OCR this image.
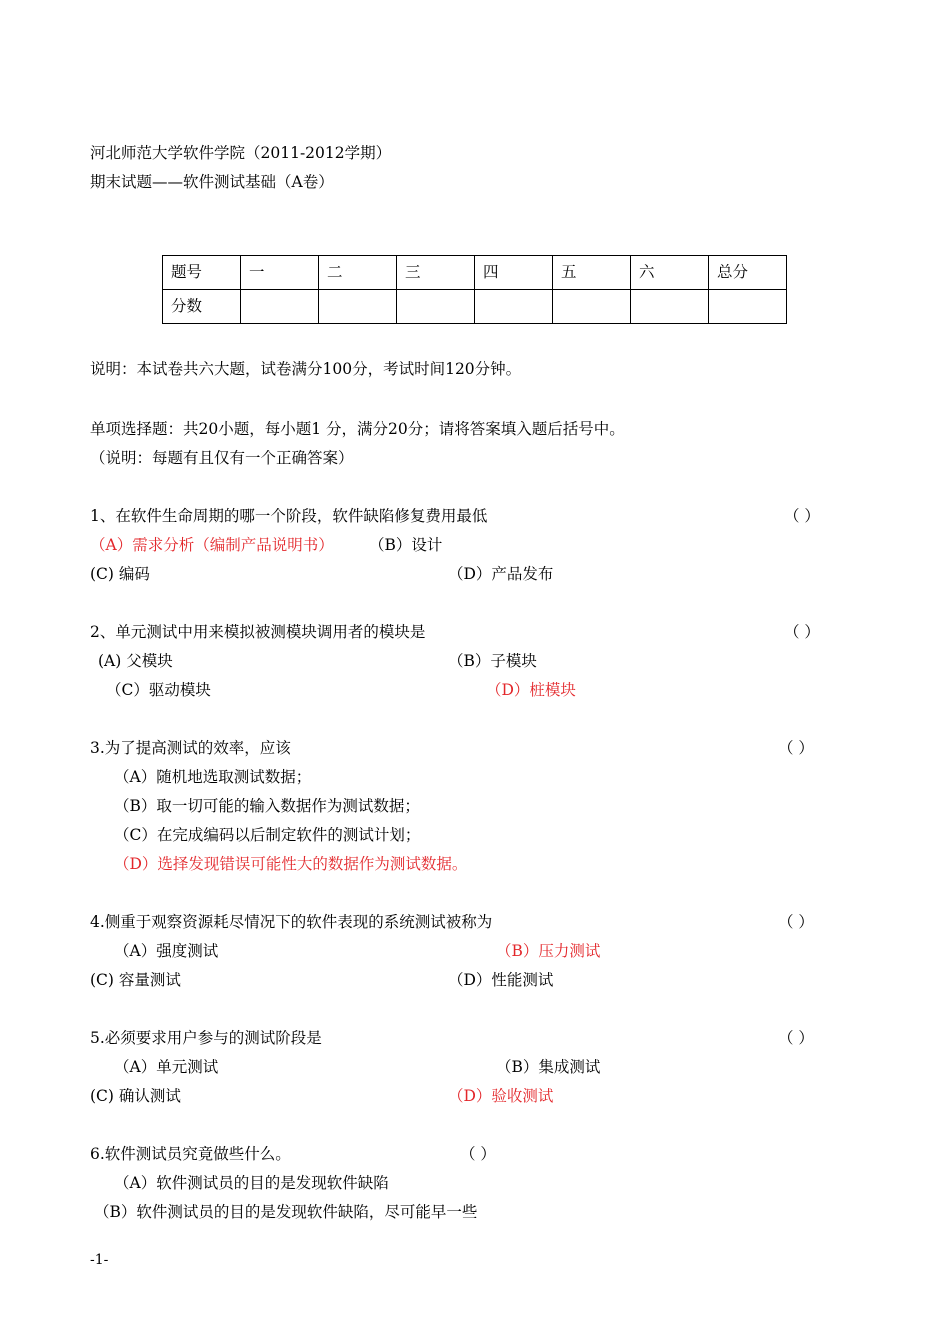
河北师范大学软件学院（2011-2012学期）
期末试题——软件测试基础（A卷）
题号	一	二	三	四	五	六	总分
分数							
说明：本试卷共六大题，试卷满分100分，考试时间120分钟。
单项选择题：共20小题，每小题1 分，满分20分；请将答案填入题后括号中。
（说明：每题有且仅有一个正确答案）
1、在软件生命周期的哪一个阶段，软件缺陷修复费用最低	（ ）
（A）需求分析（编制产品说明书） （B）设计
(C) 编码	（D）产品发布
2、单元测试中用来模拟被测模块调用者的模块是	（ ）
(A) 父模块	（B）子模块
（C）驱动模块	（D）桩模块
3.为了提高测试的效率，应该	（ ）
（A）随机地选取测试数据；
（B）取一切可能的输入数据作为测试数据；
（C）在完成编码以后制定软件的测试计划；
（D）选择发现错误可能性大的数据作为测试数据。
4.侧重于观察资源耗尽情况下的软件表现的系统测试被称为	（ ）
（A）强度测试	（B）压力测试
(C) 容量测试	（D）性能测试
5.必须要求用户参与的测试阶段是	（ ）
（A）单元测试	（B）集成测试
(C) 确认测试	（D）验收测试
6.软件测试员究竟做些什么。	（ ）
（A）软件测试员的目的是发现软件缺陷
（B）软件测试员的目的是发现软件缺陷，尽可能早一些
-1-
